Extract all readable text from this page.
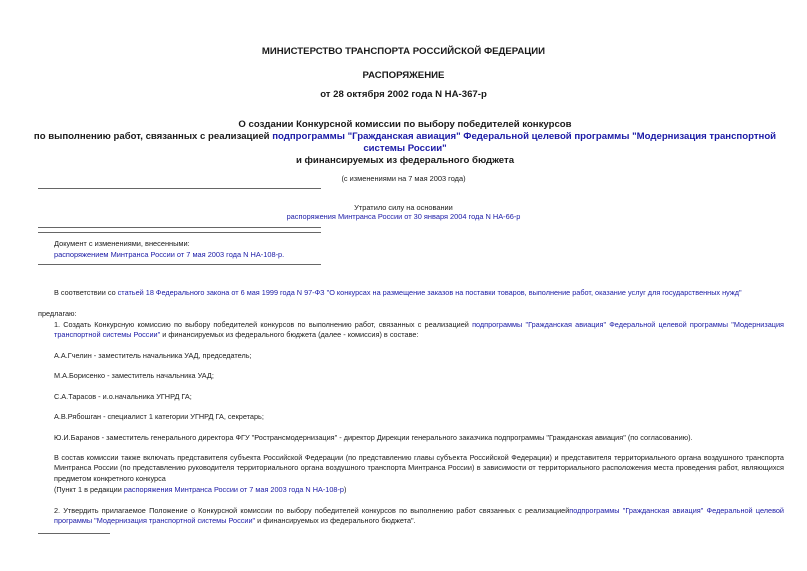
МИНИСТЕРСТВО ТРАНСПОРТА РОССИЙСКОЙ ФЕДЕРАЦИИ
РАСПОРЯЖЕНИЕ
от 28 октября 2002 года N НА-367-р
О создании Конкурсной комиссии по выбору победителей конкурсов
по выполнению работ, связанных с реализацией подпрограммы "Гражданская авиация" Федеральной целевой программы "Модернизация транспортной системы России"
и финансируемых из федерального бюджета
(с изменениями на 7 мая 2003 года)
Утратило силу на основании
распоряжения Минтранса России от 30 января 2004 года N НА-66-р
Документ с изменениями, внесенными:
распоряжением Минтранса России от 7 мая 2003 года N НА-108-р.
В соответствии со статьей 18 Федерального закона от 6 мая 1999 года N 97-ФЗ "О конкурсах на размещение заказов на поставки товаров, выполнение работ, оказание услуг для государственных нужд"
предлагаю:
1. Создать Конкурсную комиссию по выбору победителей конкурсов по выполнению работ, связанных с реализацией подпрограммы "Гражданская авиация" Федеральной целевой программы "Модернизация транспортной системы России" и финансируемых из федерального бюджета (далее - комиссия) в составе:
А.А.Гчелин - заместитель начальника УАД, председатель;
М.А.Борисенко - заместитель начальника УАД;
С.А.Тарасов - и.о.начальника УГНРД ГА;
А.В.Рябошган - специалист 1 категории УГНРД ГА, секретарь;
Ю.И.Баранов - заместитель генерального директора ФГУ "Ространсмодернизация" - директор Дирекции генерального заказчика подпрограммы "Гражданская авиация" (по согласованию).
В состав комиссии также включать представителя субъекта Российской Федерации (по представлению главы субъекта Российской Федерации) и представителя территориального органа воздушного транспорта Минтранса России (по представлению руководителя территориального органа воздушного транспорта Минтранса России) в зависимости от территориального расположения места проведения работ, являющихся предметом конкретного конкурса
(Пункт 1 в редакции распоряжения Минтранса России от 7 мая 2003 года N НА-108-р)
2. Утвердить прилагаемое Положение о Конкурсной комиссии по выбору победителей конкурсов по выполнению работ связанных с реализациейподпрограммы "Гражданская авиация" Федеральной целевой программы "Модернизация транспортной системы России" и финансируемых из федерального бюджета".
